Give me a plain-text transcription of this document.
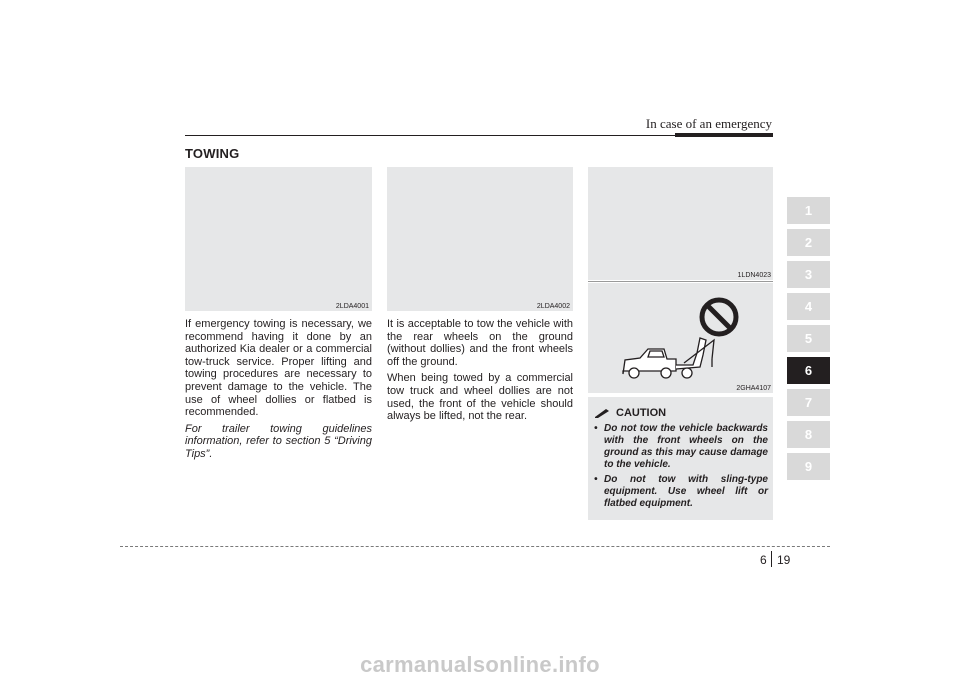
In case of an emergency
TOWING
2LDA4001

If emergency towing is necessary, we recommend having it done by an authorized Kia dealer or a commercial tow-truck service. Proper lifting and towing procedures are necessary to prevent damage to the vehicle. The use of wheel dollies or flatbed is recommended.

For trailer towing guidelines information, refer to section 5 “Driving Tips”.

2LDA4002

It is acceptable to tow the vehicle with the rear wheels on the ground (without dollies) and the front wheels off the ground.

When being towed by a commercial tow truck and wheel dollies are not used, the front of the vehicle should always be lifted, not the rear.

1LDN4023
2GHA4107
CAUTION
• Do not tow the vehicle backwards with the front wheels on the ground as this may cause damage to the vehicle.
• Do not tow with sling-type equipment. Use wheel lift or flatbed equipment.
1
2
3
4
5
6
7
8
9
6 19
carmanualsonline.info
